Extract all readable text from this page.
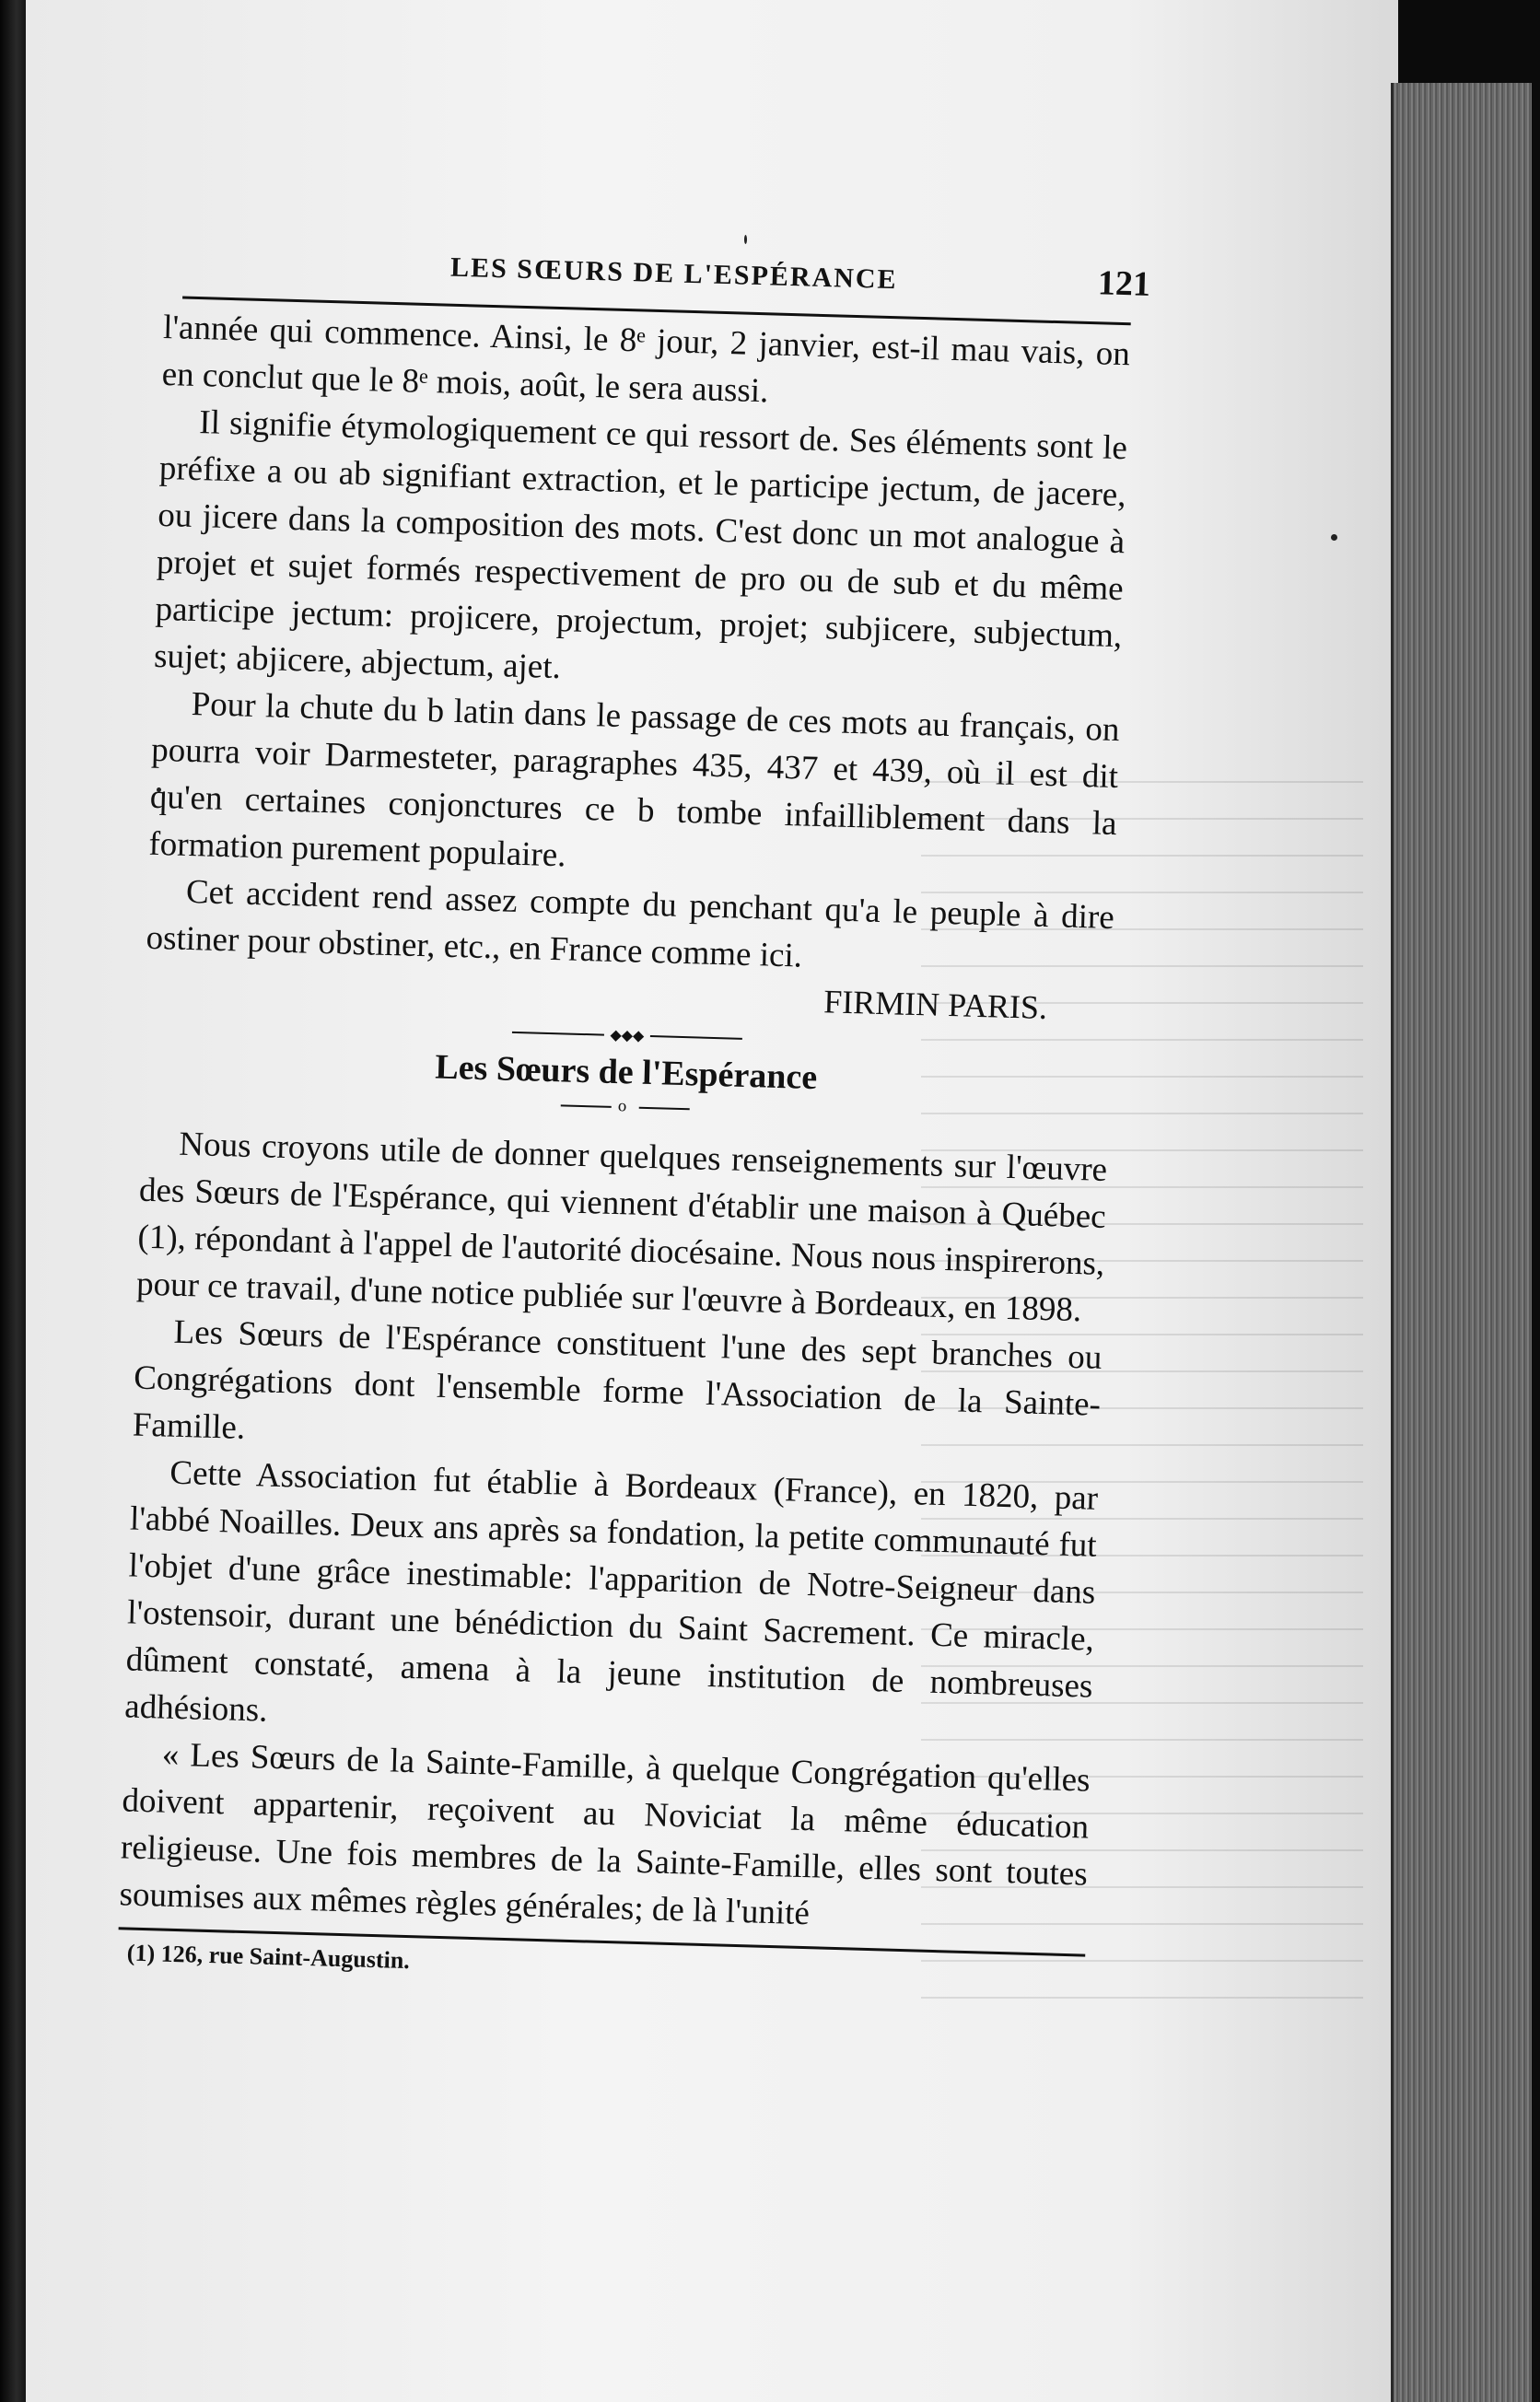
LES SŒURS DE L'ESPÉRANCE	121

l'année qui commence. Ainsi, le 8ᵉ jour, 2 janvier, est-il mau vais, on en conclut que le 8ᵉ mois, août, le sera aussi.

Il signifie étymologiquement ce qui ressort de. Ses éléments sont le préfixe a ou ab signifiant extraction, et le participe jectum, de jacere, ou jicere dans la composition des mots. C'est donc un mot analogue à projet et sujet formés respectivement de pro ou de sub et du même participe jectum: projicere, projectum, projet; subjicere, subjectum, sujet; abjicere, abjectum, ajet.

Pour la chute du b latin dans le passage de ces mots au français, on pourra voir Darmesteter, paragraphes 435, 437 et 439, où il est dit qu'en certaines conjonctures ce b tombe infailliblement dans la formation purement populaire.

Cet accident rend assez compte du penchant qu'a le peuple à dire ostiner pour obstiner, etc., en France comme ici.

FIRMIN PARIS.
◆◆◆
Les Sœurs de l'Espérance
o

Nous croyons utile de donner quelques renseignements sur l'œuvre des Sœurs de l'Espérance, qui viennent d'établir une maison à Québec (1), répondant à l'appel de l'autorité diocésaine. Nous nous inspirerons, pour ce travail, d'une notice publiée sur l'œuvre à Bordeaux, en 1898.

Les Sœurs de l'Espérance constituent l'une des sept branches ou Congrégations dont l'ensemble forme l'Association de la Sainte-Famille.

Cette Association fut établie à Bordeaux (France), en 1820, par l'abbé Noailles. Deux ans après sa fondation, la petite communauté fut l'objet d'une grâce inestimable: l'apparition de Notre-Seigneur dans l'ostensoir, durant une bénédiction du Saint Sacrement. Ce miracle, dûment constaté, amena à la jeune institution de nombreuses adhésions.

« Les Sœurs de la Sainte-Famille, à quelque Congrégation qu'elles doivent appartenir, reçoivent au Noviciat la même éducation religieuse. Une fois membres de la Sainte-Famille, elles sont toutes soumises aux mêmes règles générales; de là l'unité

(1) 126, rue Saint-Augustin.
